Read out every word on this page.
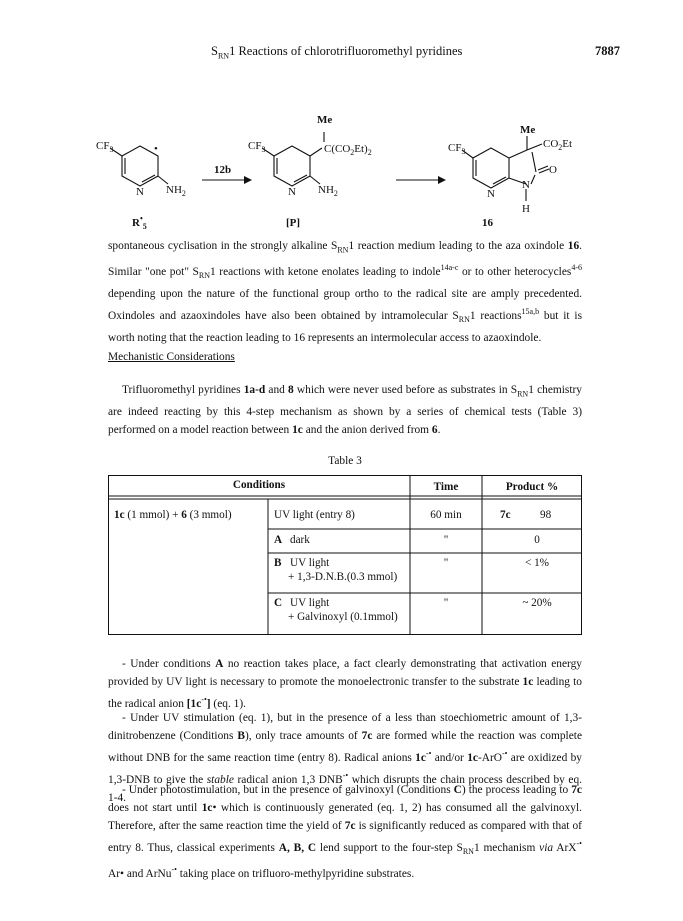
$S_{RN}1$ Reactions of chlorotrifluoromethyl pyridines	7887
$CF_3$	•
N $NH_2$
12b
$R^•_5$
Me
$CF_3$	$C(CO_2Et)_2$
N $NH_2$
[P]
Me
$CF_3$
$CO_2Et$
O
N
N
H
16

spontaneous cyclisation in the strongly alkaline $S_{RN}1$ reaction medium leading to the aza oxindole 16. Similar "one pot" $S_{RN}1$ reactions with ketone enolates leading to indole$^{14a-c}$ or to other heterocycles$^{4-6}$ depending upon the nature of the functional group ortho to the radical site are amply precedented. Oxindoles and azaoxindoles have also been obtained by intramolecular $S_{RN}1$ reactions$^{15a,b}$ but it is worth noting that the reaction leading to 16 represents an intermolecular access to azaoxindole.

Mechanistic Considerations

Trifluoromethyl pyridines 1a-d and 8 which were never used before as substrates in $S_{RN}1$ chemistry are indeed reacting by this 4-step mechanism as shown by a series of chemical tests (Table 3) performed on a model reaction between 1c and the anion derived from 6.

Table 3
Conditions	Time	Product %
1c (1 mmol) + 6 (3 mmol)	UV light (entry 8)	60 min	7c	98
A dark	"	0
B UV light
+ 1,3-D.N.B.(0.3 mmol)
"	< 1%
C UV light
+ Galvinoxyl (0.1mmol)
"	~ 20%

- Under conditions A no reaction takes place, a fact clearly demonstrating that activation energy provided by UV light is necessary to promote the monoelectronic transfer to the substrate 1c leading to the radical anion [1c-•] (eq. 1).

- Under UV stimulation (eq. 1), but in the presence of a less than stoechiometric amount of 1,3-dinitrobenzene (Conditions B), only trace amounts of 7c are formed while the reaction was complete without DNB for the same reaction time (entry 8). Radical anions 1c-• and/or 1c-ArO-• are oxidized by 1,3-DNB to give the stable radical anion 1,3 DNB-• which disrupts the chain process described by eq. 1-4.

- Under photostimulation, but in the presence of galvinoxyl (Conditions C) the process leading to 7c does not start until 1c• which is continuously generated (eq. 1, 2) has consumed all the galvinoxyl. Therefore, after the same reaction time the yield of 7c is significantly reduced as compared with that of entry 8. Thus, classical experiments A, B, C lend support to the four-step $S_{RN}1$ mechanism via ArX-• Ar• and ArNu-• taking place on trifluoro-methylpyridine substrates.
